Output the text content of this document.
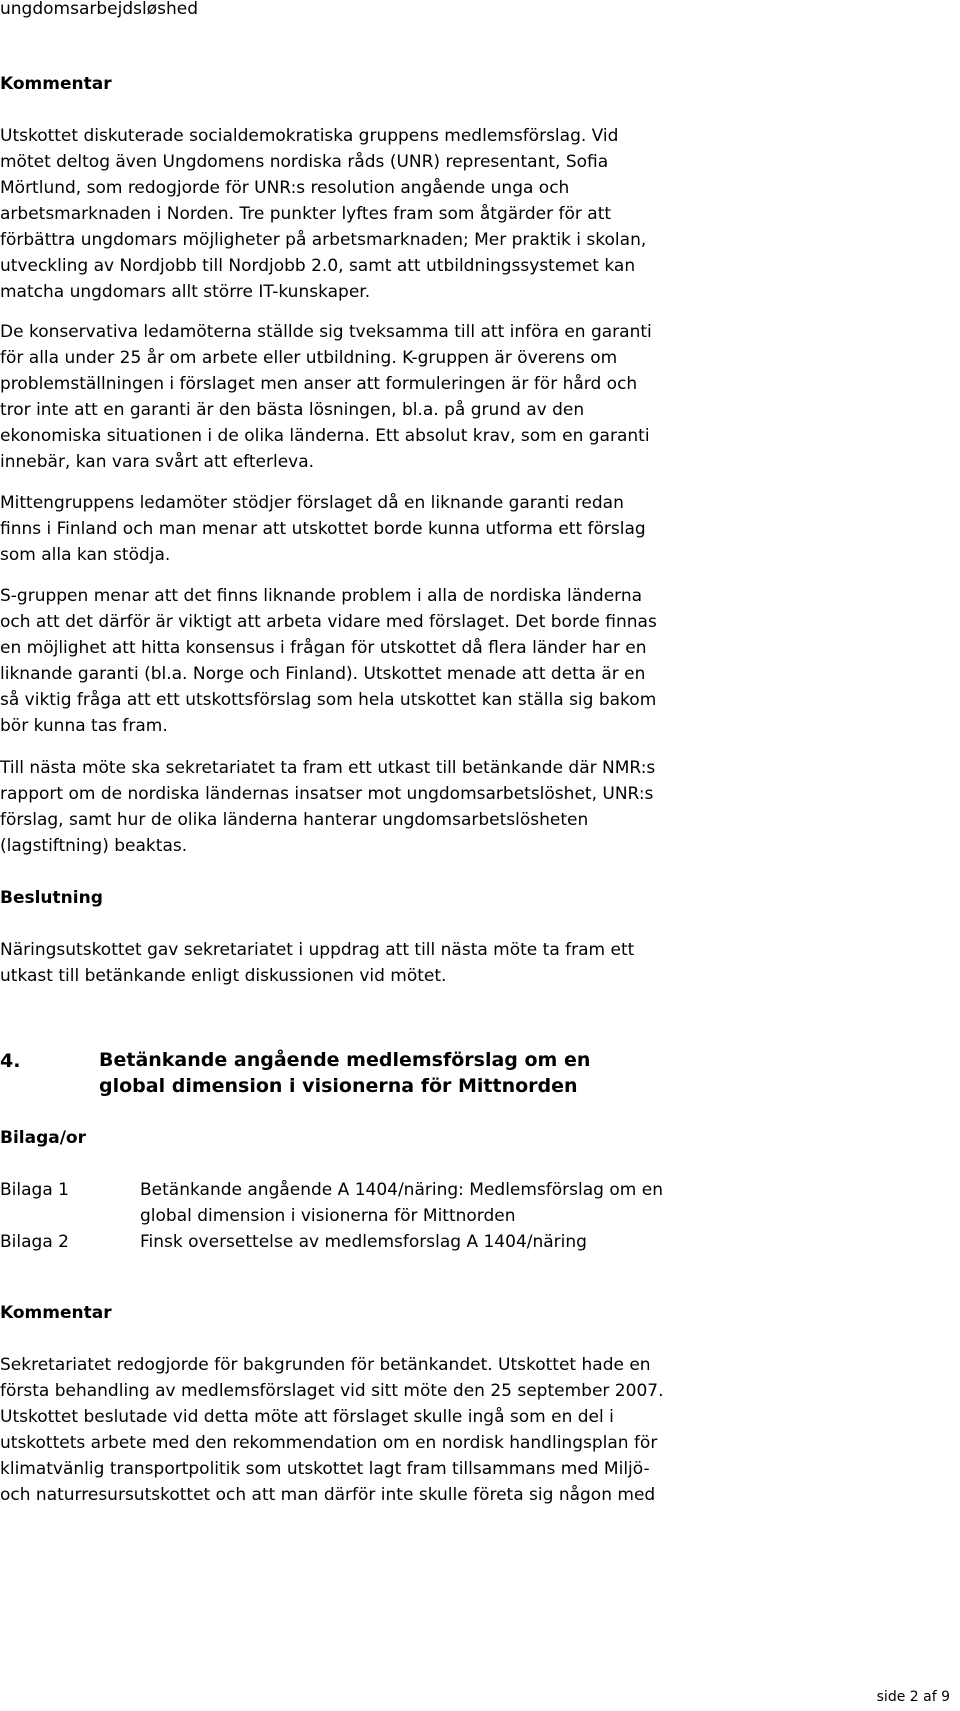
ungdomsarbejdsløshed
Kommentar
Utskottet diskuterade socialdemokratiska gruppens medlemsförslag. Vid
mötet deltog även Ungdomens nordiska råds (UNR) representant, Sofia
Mörtlund, som redogjorde för UNR:s resolution angående unga och
arbetsmarknaden i Norden. Tre punkter lyftes fram som åtgärder för att
förbättra ungdomars möjligheter på arbetsmarknaden; Mer praktik i skolan,
utveckling av Nordjobb till Nordjobb 2.0, samt att utbildningssystemet kan
matcha ungdomars allt större IT-kunskaper.
De konservativa ledamöterna ställde sig tveksamma till att införa en garanti
för alla under 25 år om arbete eller utbildning. K-gruppen är överens om
problemställningen i förslaget men anser att formuleringen är för hård och
tror inte att en garanti är den bästa lösningen, bl.a. på grund av den
ekonomiska situationen i de olika länderna. Ett absolut krav, som en garanti
innebär, kan vara svårt att efterleva.
Mittengruppens ledamöter stödjer förslaget då en liknande garanti redan
finns i Finland och man menar att utskottet borde kunna utforma ett förslag
som alla kan stödja.
S-gruppen menar att det finns liknande problem i alla de nordiska länderna
och att det därför är viktigt att arbeta vidare med förslaget. Det borde finnas
en möjlighet att hitta konsensus i frågan för utskottet då flera länder har en
liknande garanti (bl.a. Norge och Finland). Utskottet menade att detta är en
så viktig fråga att ett utskottsförslag som hela utskottet kan ställa sig bakom
bör kunna tas fram.
Till nästa möte ska sekretariatet ta fram ett utkast till betänkande där NMR:s
rapport om de nordiska ländernas insatser mot ungdomsarbetslöshet, UNR:s
förslag, samt hur de olika länderna hanterar ungdomsarbetslösheten
(lagstiftning) beaktas.
Beslutning
Näringsutskottet gav sekretariatet i uppdrag att till nästa möte ta fram ett
utkast till betänkande enligt diskussionen vid mötet.
4.	Betänkande angående medlemsförslag om en
global dimension i visionerna för Mittnorden
Bilaga/or
Bilaga 1	Betänkande angående A 1404/näring: Medlemsförslag om en
global dimension i visionerna för Mittnorden
Bilaga 2	Finsk oversettelse av medlemsforslag A 1404/näring
Kommentar
Sekretariatet redogjorde för bakgrunden för betänkandet. Utskottet hade en
första behandling av medlemsförslaget vid sitt möte den 25 september 2007.
Utskottet beslutade vid detta möte att förslaget skulle ingå som en del i
utskottets arbete med den rekommendation om en nordisk handlingsplan för
klimatvänlig transportpolitik som utskottet lagt fram tillsammans med Miljö-
och naturresursutskottet och att man därför inte skulle företa sig någon med
side 2 af 9
